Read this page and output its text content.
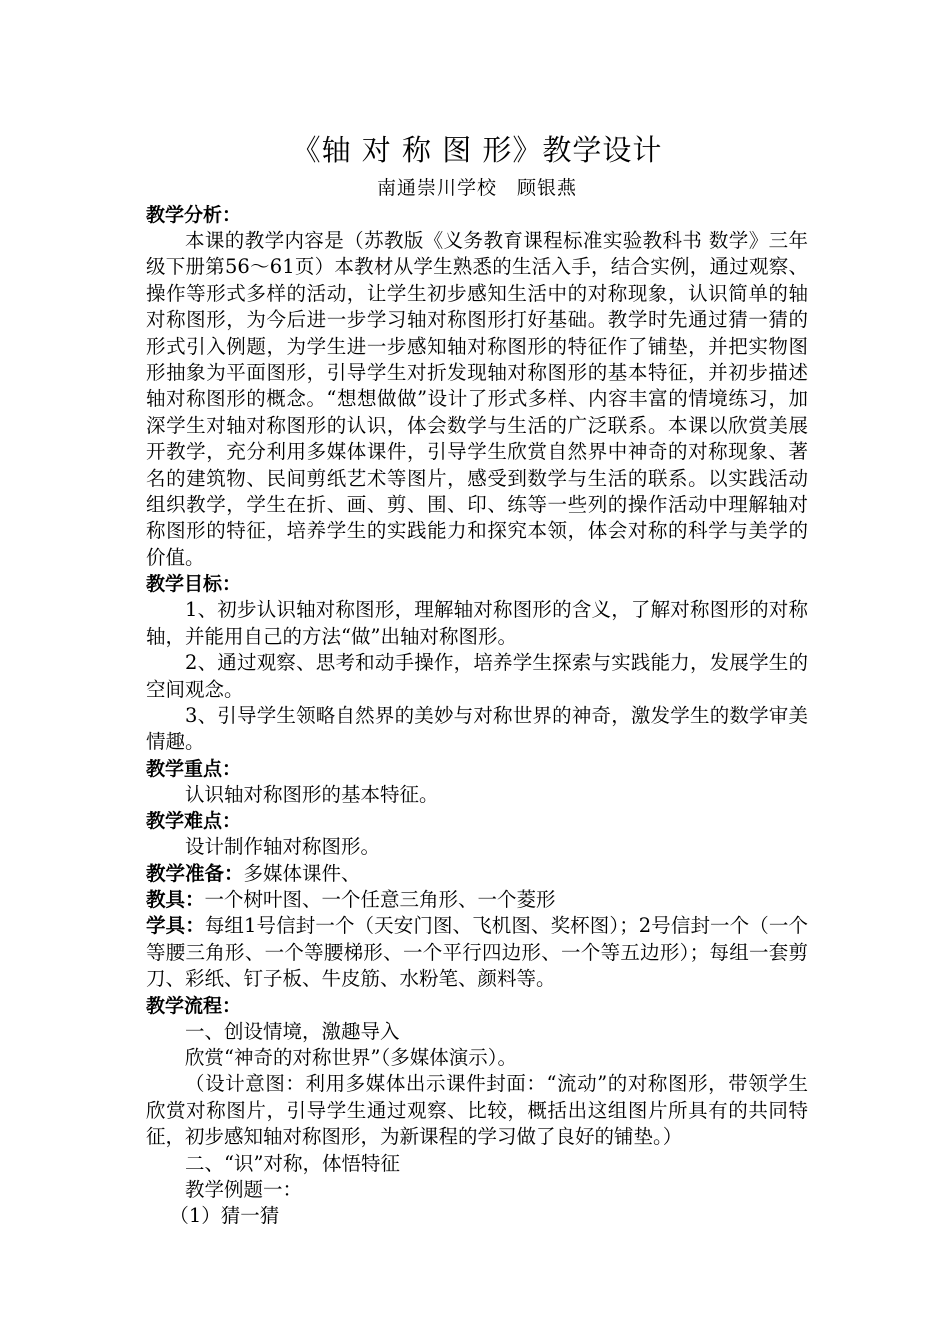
《轴 对 称 图 形》教学设计

南通崇川学校　顾银燕

教学分析：

本课的教学内容是（苏教版《义务教育课程标准实验教科书 数学》三年级下册第56～61页）本教材从学生熟悉的生活入手，结合实例，通过观察、操作等形式多样的活动，让学生初步感知生活中的对称现象，认识简单的轴对称图形，为今后进一步学习轴对称图形打好基础。教学时先通过猜一猜的形式引入例题，为学生进一步感知轴对称图形的特征作了铺垫，并把实物图形抽象为平面图形，引导学生对折发现轴对称图形的基本特征，并初步描述轴对称图形的概念。“想想做做”设计了形式多样、内容丰富的情境练习，加深学生对轴对称图形的认识，体会数学与生活的广泛联系。本课以欣赏美展开教学，充分利用多媒体课件，引导学生欣赏自然界中神奇的对称现象、著名的建筑物、民间剪纸艺术等图片，感受到数学与生活的联系。以实践活动组织教学，学生在折、画、剪、围、印、练等一些列的操作活动中理解轴对称图形的特征，培养学生的实践能力和探究本领，体会对称的科学与美学的价值。

教学目标：

1、初步认识轴对称图形，理解轴对称图形的含义，了解对称图形的对称轴，并能用自己的方法“做”出轴对称图形。

2、通过观察、思考和动手操作，培养学生探索与实践能力，发展学生的空间观念。

3、引导学生领略自然界的美妙与对称世界的神奇，激发学生的数学审美情趣。

教学重点：

认识轴对称图形的基本特征。

教学难点：

设计制作轴对称图形。

教学准备：多媒体课件、

教具：一个树叶图、一个任意三角形、一个菱形

学具：每组1号信封一个（天安门图、飞机图、奖杯图）；2号信封一个（一个等腰三角形、一个等腰梯形、一个平行四边形、一个等五边形）；每组一套剪刀、彩纸、钉子板、牛皮筋、水粉笔、颜料等。

教学流程：

一、创设情境，激趣导入

欣赏“神奇的对称世界”（多媒体演示）。

（设计意图：利用多媒体出示课件封面：“流动”的对称图形，带领学生欣赏对称图片，引导学生通过观察、比较，概括出这组图片所具有的共同特征，初步感知轴对称图形，为新课程的学习做了良好的铺垫。）

二、“识”对称，体悟特征

教学例题一：

（1）猜一猜
